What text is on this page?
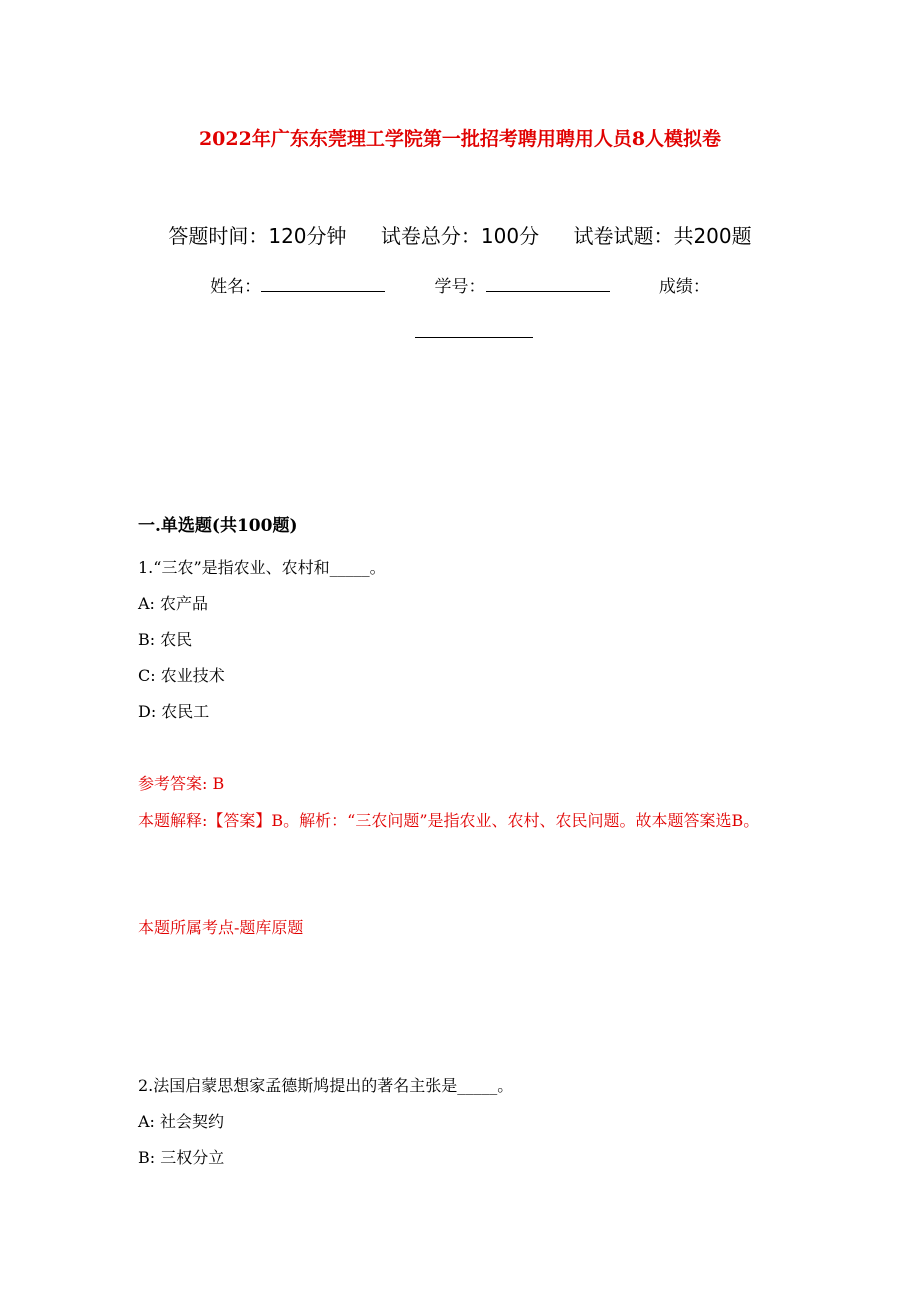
2022年广东东莞理工学院第一批招考聘用聘用人员8人模拟卷
答题时间：120分钟 试卷总分：100分 试卷试题：共200题
姓名：	学号：	成绩：
一.单选题(共100题)
1.“三农”是指农业、农村和_____。
A: 农产品
B: 农民
C: 农业技术
D: 农民工
参考答案: B
本题解释:【答案】B。解析：“三农问题”是指农业、农村、农民问题。故本题答案选B。
本题所属考点-题库原题
2.法国启蒙思想家孟德斯鸠提出的著名主张是_____。
A: 社会契约
B: 三权分立
